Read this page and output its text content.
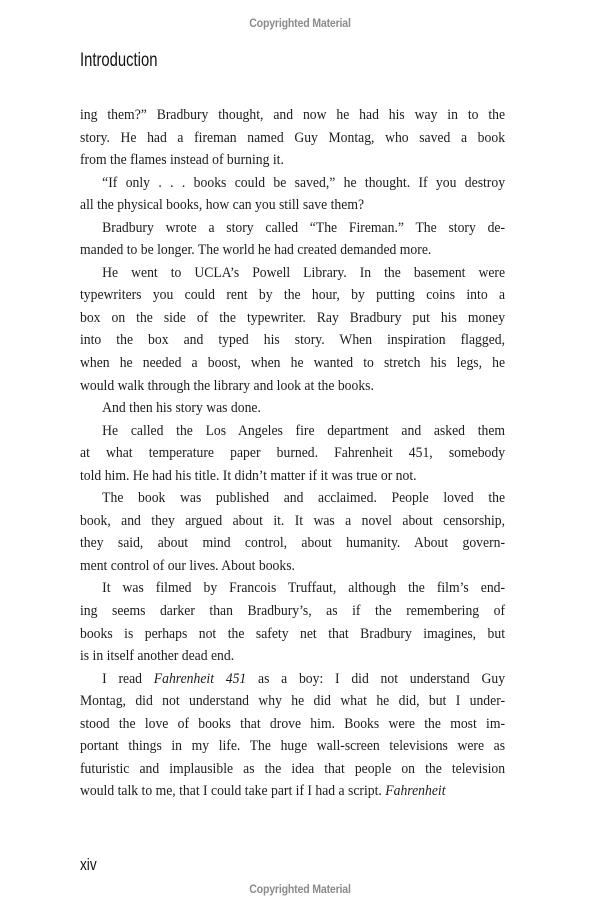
Copyrighted Material
Introduction
ing them?” Bradbury thought, and now he had his way in to the
story. He had a fireman named Guy Montag, who saved a book
from the flames instead of burning it.
“If only . . . books could be saved,” he thought. If you destroy
all the physical books, how can you still save them?
Bradbury wrote a story called “The Fireman.” The story de-
manded to be longer. The world he had created demanded more.
He went to UCLA’s Powell Library. In the basement were
typewriters you could rent by the hour, by putting coins into a
box on the side of the typewriter. Ray Bradbury put his money
into the box and typed his story. When inspiration flagged,
when he needed a boost, when he wanted to stretch his legs, he
would walk through the library and look at the books.
And then his story was done.
He called the Los Angeles fire department and asked them
at what temperature paper burned. Fahrenheit 451, somebody
told him. He had his title. It didn’t matter if it was true or not.
The book was published and acclaimed. People loved the
book, and they argued about it. It was a novel about censorship,
they said, about mind control, about humanity. About govern-
ment control of our lives. About books.
It was filmed by Francois Truffaut, although the film’s end-
ing seems darker than Bradbury’s, as if the remembering of
books is perhaps not the safety net that Bradbury imagines, but
is in itself another dead end.
I read Fahrenheit 451 as a boy: I did not understand Guy
Montag, did not understand why he did what he did, but I under-
stood the love of books that drove him. Books were the most im-
portant things in my life. The huge wall-screen televisions were as
futuristic and implausible as the idea that people on the television
would talk to me, that I could take part if I had a script. Fahrenheit
xiv
Copyrighted Material
